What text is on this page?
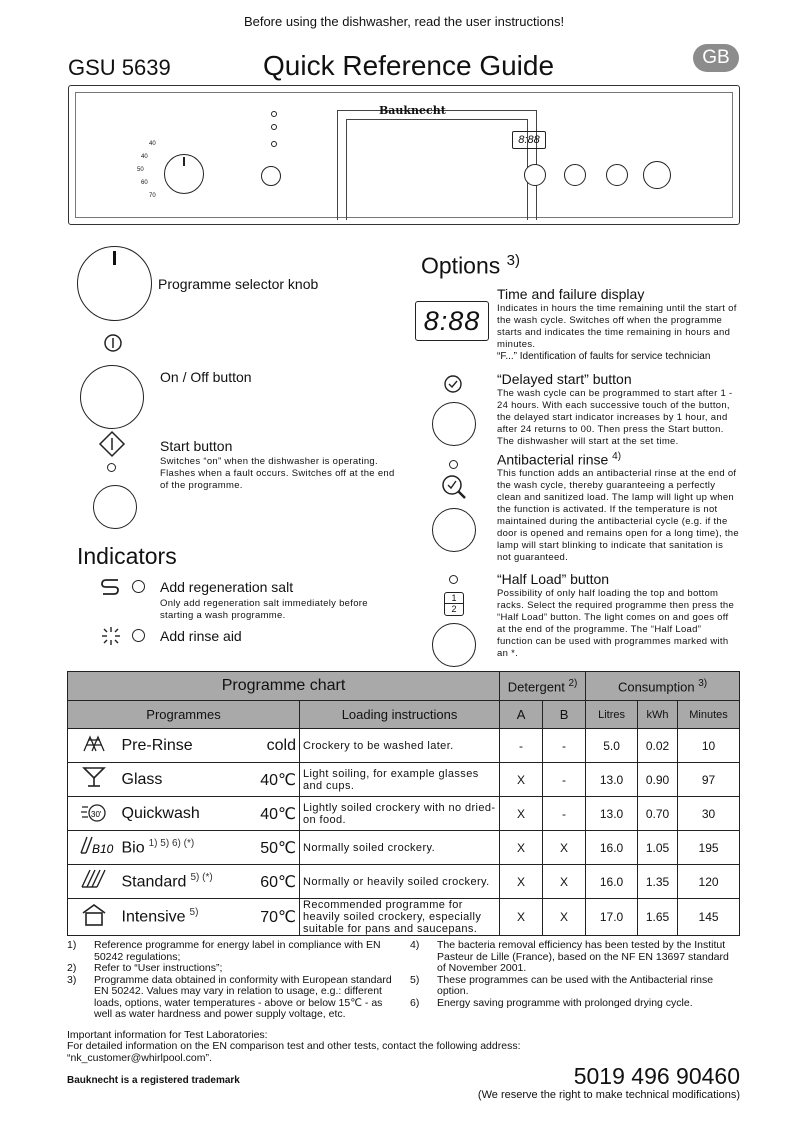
Before using the dishwasher, read the user instructions!
GSU 5639	Quick Reference Guide	GB
Bauknecht
40
40
50
60
70
8:88
Programme selector knob
On / Off button
Start button
Switches “on” when the dishwasher is operating. Flashes when a fault occurs. Switches off at the end of the programme.
Indicators
Add regeneration salt
Only add regeneration salt immediately before starting a wash programme.
Add rinse aid
Options $^{3)}$
8:88
Time and failure display
Indicates in hours the time remaining until the start of the wash cycle. Switches off when the programme starts and indicates the time remaining in hours and minutes.
“F...” Identification of faults for service technician
“Delayed start” button
The wash cycle can be programmed to start after 1 - 24 hours. With each successive touch of the button, the delayed start indicator increases by 1 hour, and after 24 returns to 00. Then press the Start button. The dishwasher will start at the set time.
Antibacterial rinse $^{4)}$
This function adds an antibacterial rinse at the end of the wash cycle, thereby guaranteeing a perfectly clean and sanitized load. The lamp will light up when the function is activated. If the temperature is not maintained during the antibacterial cycle (e.g. if the door is opened and remains open for a long time), the lamp will start blinking to indicate that sanitation is not guaranteed.
1
2
“Half Load” button
Possibility of only half loading the top and bottom racks. Select the required programme then press the “Half Load” button. The light comes on and goes off at the end of the programme. The “Half Load” function can be used with programmes marked with an *.
Programme chart				Detergent $^{2)}$		Consumption $^{3)}$
Programmes			Loading instructions	A	B	Litres	kWh	Minutes
	Pre-Rinse	cold	Crockery to be washed later.	-	-	5.0	0.02	10
	Glass	40℃	Light soiling, for example glasses and cups.	X	-	13.0	0.90	97

30'	Quickwash	40℃	Lightly soiled crockery with no dried-on food.	X	-	13.0	0.70	30

B10	Bio $^{1) 5) 6) (*)}$	50℃	Normally soiled crockery.	X	X	16.0	1.05	195
	Standard $^{5) (*)}$	60℃	Normally or heavily soiled crockery.	X	X	16.0	1.35	120
	Intensive $^{5)}$	70℃	Recommended programme for heavily soiled crockery, especially suitable for pans and saucepans.	X	X	17.0	1.65	145
1)	Reference programme for energy label in compliance with EN 50242 regulations;
2)	Refer to “User instructions”;
3)	Programme data obtained in conformity with European standard EN 50242. Values may vary in relation to usage, e.g.: different loads, options, water temperatures - above or below 15℃ - as well as water hardness and power supply voltage, etc.
4)	The bacteria removal efficiency has been tested by the Institut Pasteur de Lille (France), based on the NF EN 13697 standard of November 2001.
5)	These programmes can be used with the Antibacterial rinse option.
6)	Energy saving programme with prolonged drying cycle.
Important information for Test Laboratories:
For detailed information on the EN comparison test and other tests, contact the following address: “nk_customer@whirlpool.com”.
Bauknecht is a registered trademark	5019 496 90460
(We reserve the right to make technical modifications)
